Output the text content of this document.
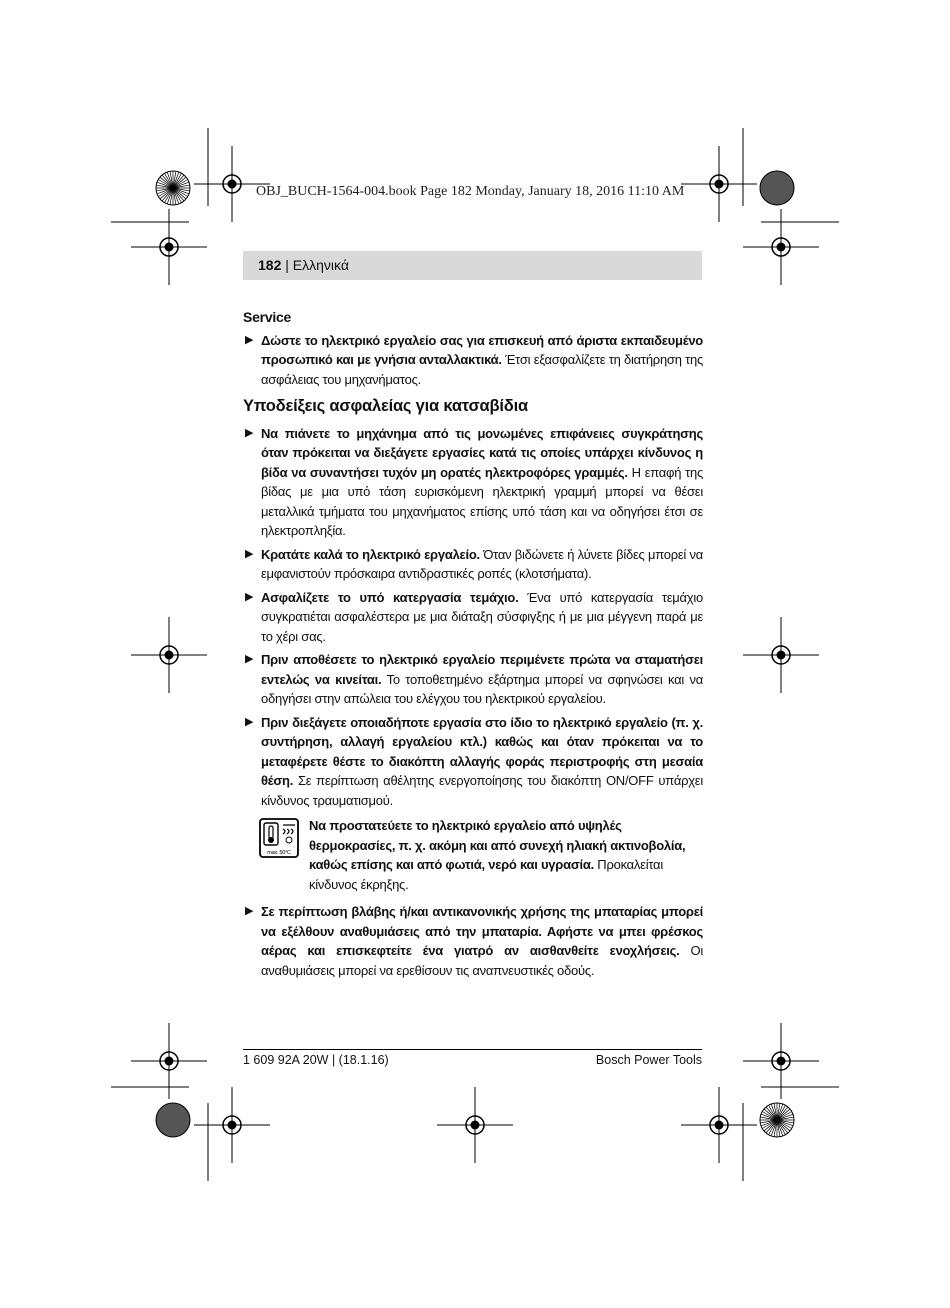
OBJ_BUCH-1564-004.book Page 182 Monday, January 18, 2016 11:10 AM
182 | Ελληνικά
Service
▶ Δώστε το ηλεκτρικό εργαλείο σας για επισκευή από άριστα εκπαιδευμένο προσωπικό και με γνήσια ανταλλακτικά. Έτσι εξασφαλίζετε τη διατήρηση της ασφάλειας του μηχανήματος.
Υποδείξεις ασφαλείας για κατσαβίδια
▶ Να πιάνετε το μηχάνημα από τις μονωμένες επιφάνειες συγκράτησης όταν πρόκειται να διεξάγετε εργασίες κατά τις οποίες υπάρχει κίνδυνος η βίδα να συναντήσει τυχόν μη ορατές ηλεκτροφόρες γραμμές. Η επαφή της βίδας με μια υπό τάση ευρισκόμενη ηλεκτρική γραμμή μπορεί να θέσει μεταλλικά τμήματα του μηχανήματος επίσης υπό τάση και να οδηγήσει έτσι σε ηλεκτροπληξία.
▶ Κρατάτε καλά το ηλεκτρικό εργαλείο. Όταν βιδώνετε ή λύνετε βίδες μπορεί να εμφανιστούν πρόσκαιρα αντιδραστικές ροπές (κλοτσήματα).
▶ Ασφαλίζετε το υπό κατεργασία τεμάχιο. Ένα υπό κατεργασία τεμάχιο συγκρατιέται ασφαλέστερα με μια διάταξη σύσφιγξης ή με μια μέγγενη παρά με το χέρι σας.
▶ Πριν αποθέσετε το ηλεκτρικό εργαλείο περιμένετε πρώτα να σταματήσει εντελώς να κινείται. Το τοποθετημένο εξάρτημα μπορεί να σφηνώσει και να οδηγήσει στην απώλεια του ελέγχου του ηλεκτρικού εργαλείου.
▶ Πριν διεξάγετε οποιαδήποτε εργασία στο ίδιο το ηλεκτρικό εργαλείο (π. χ. συντήρηση, αλλαγή εργαλείου κτλ.) καθώς και όταν πρόκειται να το μεταφέρετε θέστε το διακόπτη αλλαγής φοράς περιστροφής στη μεσαία θέση. Σε περίπτωση αθέλητης ενεργοποίησης του διακόπτη ON/OFF υπάρχει κίνδυνος τραυματισμού.
max. 50°C
Να προστατεύετε το ηλεκτρικό εργαλείο από υψηλές θερμοκρασίες, π. χ. ακόμη και από συνεχή ηλιακή ακτινοβολία, καθώς επίσης και από φωτιά, νερό και υγρασία. Προκαλείται κίνδυνος έκρηξης.
▶ Σε περίπτωση βλάβης ή/και αντικανονικής χρήσης της μπαταρίας μπορεί να εξέλθουν αναθυμιάσεις από την μπαταρία. Αφήστε να μπει φρέσκος αέρας και επισκεφτείτε ένα γιατρό αν αισθανθείτε ενοχλήσεις. Οι αναθυμιάσεις μπορεί να ερεθίσουν τις αναπνευστικές οδούς.
1 609 92A 20W | (18.1.16)	Bosch Power Tools
